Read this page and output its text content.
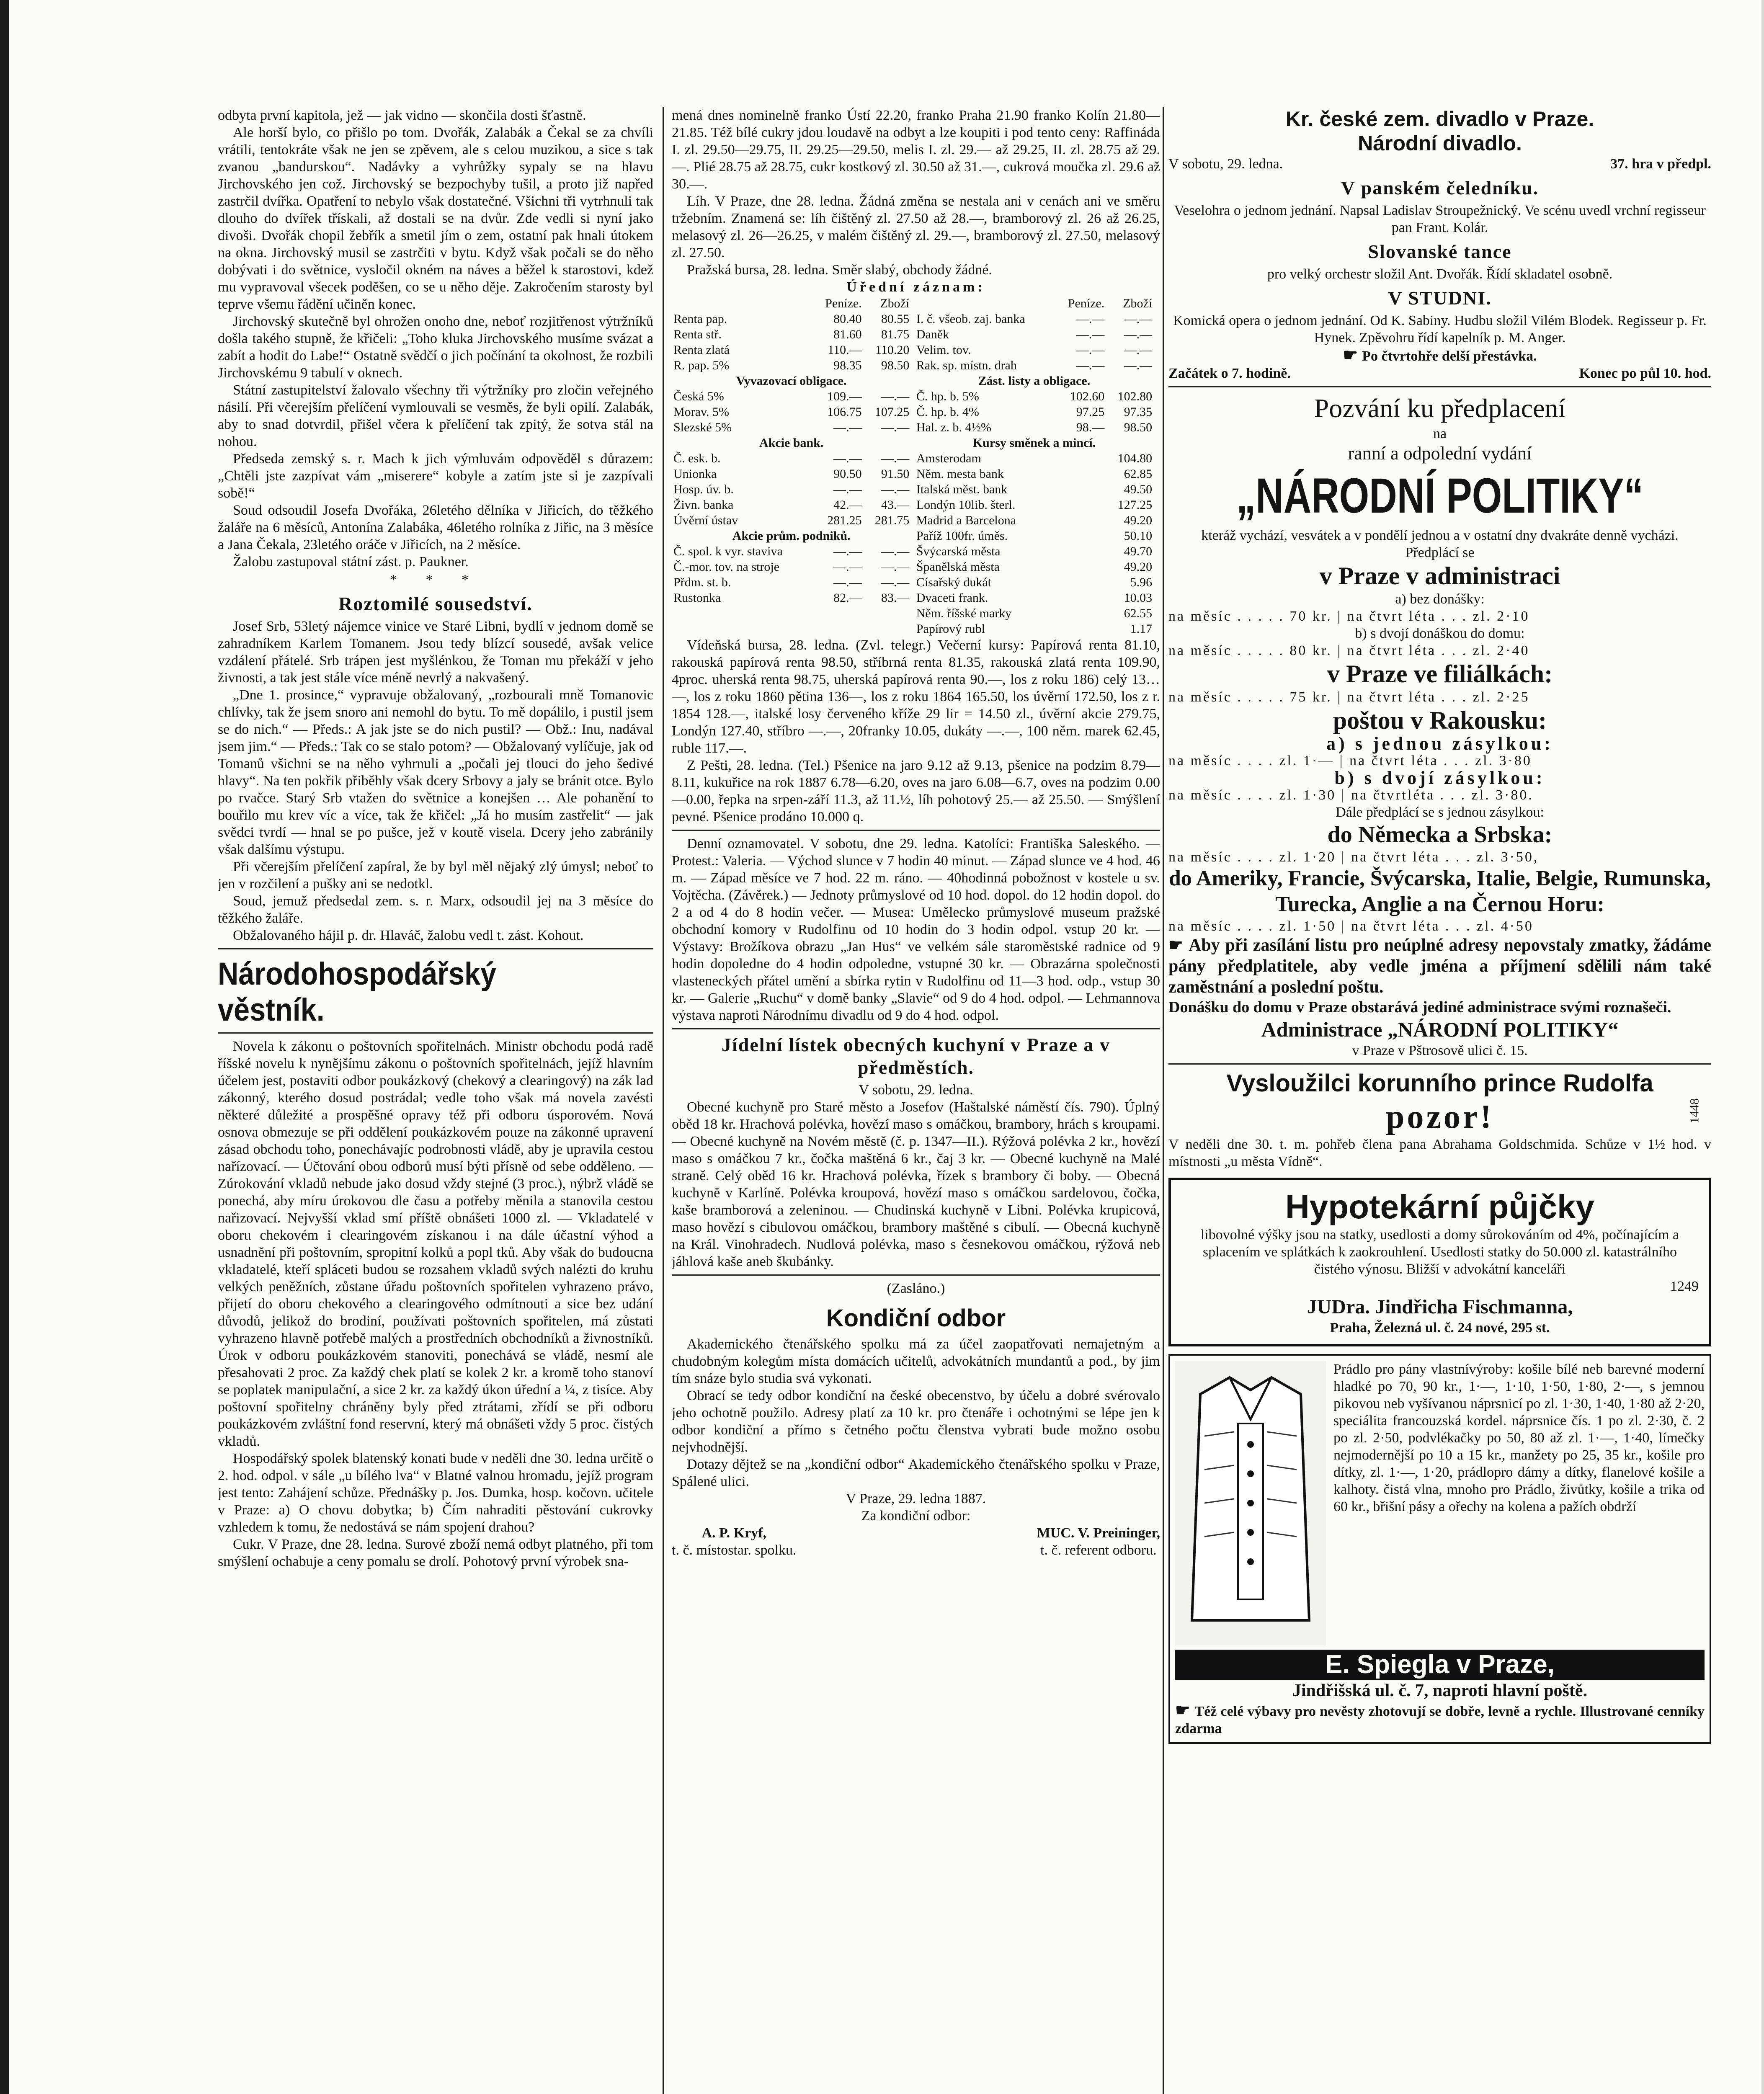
odbyta první kapitola, jež — jak vidno — skončila dosti šťastně.

Ale horší bylo, co přišlo po tom. Dvořák, Zalabák a Čekal se za chvíli vrátili, tentokráte však ne jen se zpěvem, ale s celou muzikou, a sice s tak zvanou „bandurskou“. Nadávky a vyhrůžky sypaly se na hlavu Jirchovského jen což. Jirchovský se bezpochyby tušil, a proto již napřed zastrčil dvířka. Opatření to nebylo však dostatečné. Všichni tři vytrhnuli tak dlouho do dvířek třískali, až dostali se na dvůr. Zde vedli si nyní jako divoši. Dvořák chopil žebřík a smetil jím o zem, ostatní pak hnali útokem na okna. Jirchovský musil se zastrčiti v bytu. Když však počali se do něho dobývati i do světnice, vysločil okném na náves a běžel k starostovi, kdež mu vypravoval všecek poděšen, co se u něho děje. Zakročením starosty byl teprve všemu řádění učiněn konec.

Jirchovský skutečně byl ohrožen onoho dne, neboť rozjitřenost výtržníků došla takého stupně, že křičeli: „Toho kluka Jirchovského musíme svázat a zabít a hodit do Labe!“ Ostatně svědčí o jich počínání ta okolnost, že rozbili Jirchovskému 9 tabulí v oknech.

Státní zastupitelství žalovalo všechny tři výtržníky pro zločin veřejného násilí. Při včerejším přelíčení vymlouvali se vesměs, že byli opilí. Zalabák, aby to snad dotvrdil, přišel včera k přelíčení tak zpitý, že sotva stál na nohou.

Předseda zemský s. r. Mach k jich výmluvám odpověděl s důrazem: „Chtěli jste zazpívat vám „miserere“ kobyle a zatím jste si je zazpívali sobě!“

Soud odsoudil Josefa Dvořáka, 26letého dělníka v Jiřicích, do těžkého žaláře na 6 měsíců, Antonína Zalabáka, 46letého rolníka z Jiřic, na 3 měsíce a Jana Čekala, 23letého oráče v Jiřicích, na 2 měsíce.

Žalobu zastupoval státní zást. p. Paukner.

* * *
Roztomilé sousedství.

Josef Srb, 53letý nájemce vinice ve Staré Libni, bydlí v jednom domě se zahradníkem Karlem Tomanem. Jsou tedy blízcí sousedé, avšak velice vzdálení přátelé. Srb trápen jest myšlénkou, že Toman mu překáží v jeho živnosti, a tak jest stále více méně nevrlý a nakvašený.

„Dne 1. prosince,“ vypravuje obžalovaný, „rozbourali mně Tomanovic chlívky, tak že jsem snoro ani nemohl do bytu. To mě dopálilo, i pustil jsem se do nich.“ — Předs.: A jak jste se do nich pustil? — Obž.: Inu, nadával jsem jim.“ — Předs.: Tak co se stalo potom? — Obžalovaný vylíčuje, jak od Tomanů všichni se na něho vyhrnuli a „počali jej tlouci do jeho šedivé hlavy“. Na ten pokřik přiběhly však dcery Srbovy a jaly se bránit otce. Bylo po rvačce. Starý Srb vtažen do světnice a konejšen … Ale pohanění to bouřilo mu krev víc a více, tak že křičel: „Já ho musím zastřelit“ — jak svědci tvrdí — hnal se po pušce, jež v koutě visela. Dcery jeho zabránily však dalšímu výstupu.

Při včerejším přelíčení zapíral, že by byl měl nějaký zlý úmysl; neboť to jen v rozčilení a pušky ani se nedotkl.

Soud, jemuž předsedal zem. s. r. Marx, odsoudil jej na 3 měsíce do těžkého žaláře.

Obžalovaného hájil p. dr. Hlaváč, žalobu vedl t. zást. Kohout.

Národohospodářský věstník.

Novela k zákonu o poštovních spořitelnách. Ministr obchodu podá radě říšské novelu k nynějšímu zákonu o poštovních spořitelnách, jejíž hlavním účelem jest, postaviti odbor poukázkový (chekový a clearingový) na zák lad zákonný, kterého dosud postrádal; vedle toho však má novela zavésti některé důležité a prospěšné opravy též při odboru úsporovém. Nová osnova obmezuje se při oddělení poukázkovém pouze na zákonné upravení zásad obchodu toho, ponechávajíc podrobnosti vládě, aby je upravila cestou nařízovací. — Účtování obou odborů musí býti přísně od sebe odděleno. — Zúrokování vkladů nebude jako dosud vždy stejné (3 proc.), nýbrž vládě se ponechá, aby míru úrokovou dle času a potřeby měnila a stanovila cestou nařizovací. Nejvyšší vklad smí příště obnášeti 1000 zl. — Vkladatelé v oboru chekovém i clearingovém získanou i na dále účastní výhod a usnadnění při poštovním, spropitní kolků a popl tků. Aby však do budoucna vkladatelé, kteří spláceti budou se rozsahem vkladů svých nalézti do kruhu velkých peněžních, zůstane úřadu poštovních spořitelen vyhrazeno právo, přijetí do oboru chekového a clearingového odmítnouti a sice bez udání důvodů, jelikož do brodiní, používati poštovních spořitelen, má zůstati vyhrazeno hlavně potřebě malých a prostředních obchodníků a živnostníků. Úrok v odboru poukázkovém stanoviti, ponechává se vládě, nesmí ale přesahovati 2 proc. Za každý chek platí se kolek 2 kr. a kromě toho stanoví se poplatek manipulační, a sice 2 kr. za každý úkon úřední a ¼, z tisíce. Aby poštovní spořitelny chráněny byly před ztrátami, zřídí se při odboru poukázkovém zvláštní fond reservní, který má obnášeti vždy 5 proc. čistých vkladů.

Hospodářský spolek blatenský konati bude v neděli dne 30. ledna určitě o 2. hod. odpol. v sále „u bílého lva“ v Blatné valnou hromadu, jejíž program jest tento: Zahájení schůze. Přednášky p. Jos. Dumka, hosp. kočovn. učitele v Praze: a) O chovu dobytka; b) Čím nahraditi pěstování cukrovky vzhledem k tomu, že nedostává se nám spojení drahou?

Cukr. V Praze, dne 28. ledna. Surové zboží nemá odbyt platného, při tom smýšlení ochabuje a ceny pomalu se drolí. Pohotový první výrobek sna-

mená dnes nominelně franko Ústí 22.20, franko Praha 21.90 franko Kolín 21.80—21.85. Též bílé cukry jdou loudavě na odbyt a lze koupiti i pod tento ceny: Raffináda I. zl. 29.50—29.75, II. 29.25—29.50, melis I. zl. 29.— až 29.25, II. zl. 28.75 až 29.—. Plié 28.75 až 28.75, cukr kostkový zl. 30.50 až 31.—, cukrová moučka zl. 29.6 až 30.—.

Líh. V Praze, dne 28. ledna. Žádná změna se nestala ani v cenách ani ve směru tržebním. Znamená se: líh čištěný zl. 27.50 až 28.—, bramborový zl. 26 až 26.25, melasový zl. 26—26.25, v malém čištěný zl. 29.—, bramborový zl. 27.50, melasový zl. 27.50.

Pražská bursa, 28. ledna. Směr slabý, obchody žádné.

Úřední záznam:
	Peníze.	Zboží
Renta pap.	80.40	80.55
Renta stř.	81.60	81.75
Renta zlatá	110.—	110.20
R. pap. 5%	98.35	98.50
Vyvazovací obligace.		
Česká 5%	109.—	—.—
Morav. 5%	106.75	107.25
Slezské 5%	—.—	—.—
Akcie bank.		
Č. esk. b.	—.—	—.—
Unionka	90.50	91.50
Hosp. úv. b.	—.—	—.—
Živn. banka	42.—	43.—
Úvěrní ústav	281.25	281.75
Akcie prům. podniků.		
Č. spol. k vyr. staviva	—.—	—.—
Č.-mor. tov. na stroje	—.—	—.—
Přdm. st. b.	—.—	—.—
Rustonka	82.—	83.—

	Peníze.	Zboží
I. č. všeob. zaj. banka	—.—	—.—
Daněk	—.—	—.—
Velim. tov.	—.—	—.—
Rak. sp. místn. drah	—.—	—.—
Zást. listy a obligace.		
Č. hp. b. 5%	102.60	102.80
Č. hp. b. 4%	97.25	97.35
Hal. z. b. 4½%	98.—	98.50
Kursy směnek a mincí.		
Amsterodam		104.80
Něm. mesta bank		62.85
Italská měst. bank		49.50
Londýn 10lib. šterl.		127.25
Madrid a Barcelona		49.20
Paříž 100fr. úměs.		50.10
Švýcarská města		49.70
Španělská města		49.20
Císařský dukát		5.96
Dvaceti frank.		10.03
Něm. říšské marky		62.55
Papírový rubl		1.17

Vídeňská bursa, 28. ledna. (Zvl. telegr.) Večerní kursy: Papírová renta 81.10, rakouská papírová renta 98.50, stříbrná renta 81.35, rakouská zlatá renta 109.90, 4proc. uherská renta 98.75, uherská papírová renta 90.—, los z roku 186) celý 13…—, los z roku 1860 pětina 136—, los z roku 1864 165.50, los úvěrní 172.50, los z r. 1854 128.—, italské losy červeného kříže 29 lir = 14.50 zl., úvěrní akcie 279.75, Londýn 127.40, stříbro —.—, 20franky 10.05, dukáty —.—, 100 něm. marek 62.45, ruble 117.—.

Z Pešti, 28. ledna. (Tel.) Pšenice na jaro 9.12 až 9.13, pšenice na podzim 8.79—8.11, kukuřice na rok 1887 6.78—6.20, oves na jaro 6.08—6.7, oves na podzim 0.00—0.00, řepka na srpen-září 11.3, až 11.½, líh pohotový 25.— až 25.50. — Smýšlení pevné. Pšenice prodáno 10.000 q.

Denní oznamovatel. V sobotu, dne 29. ledna. Katolíci: Františka Saleského. — Protest.: Valeria. — Východ slunce v 7 hodin 40 minut. — Západ slunce ve 4 hod. 46 m. — Západ měsíce ve 7 hod. 22 m. ráno. — 40hodinná pobožnost v kostele u sv. Vojtěcha. (Závěrek.) — Jednoty průmyslové od 10 hod. dopol. do 12 hodin dopol. do 2 a od 4 do 8 hodin večer. — Musea: Umělecko průmyslové museum pražské obchodní komory v Rudolfinu od 10 hodin do 3 hodin odpol. vstup 20 kr. — Výstavy: Brožíkova obrazu „Jan Hus“ ve velkém sále staroměstské radnice od 9 hodin dopoledne do 4 hodin odpoledne, vstupné 30 kr. — Obrazárna společnosti vlasteneckých přátel umění a sbírka rytin v Rudolfinu od 11—3 hod. odp., vstup 30 kr. — Galerie „Ruchu“ v domě banky „Slavie“ od 9 do 4 hod. odpol. — Lehmannova výstava naproti Národnímu divadlu od 9 do 4 hod. odpol.

Jídelní lístek obecných kuchyní v Praze a v předměstích.
V sobotu, 29. ledna.

Obecné kuchyně pro Staré město a Josefov (Haštalské náměstí čís. 790). Úplný oběd 18 kr. Hrachová polévka, hovězí maso s omáčkou, brambory, hrách s kroupami. — Obecné kuchyně na Novém městě (č. p. 1347—II.). Rýžová polévka 2 kr., hovězí maso s omáčkou 7 kr., čočka maštěná 6 kr., čaj 3 kr. — Obecné kuchyně na Malé straně. Celý oběd 16 kr. Hrachová polévka, řízek s brambory či boby. — Obecná kuchyně v Karlíně. Polévka kroupová, hovězí maso s omáčkou sardelovou, čočka, kaše bramborová a zeleninou. — Chudinská kuchyně v Libni. Polévka krupicová, maso hovězí s cibulovou omáčkou, brambory maštěné s cibulí. — Obecná kuchyně na Král. Vinohradech. Nudlová polévka, maso s česnekovou omáčkou, rýžová neb jáhlová kaše aneb škubánky.

(Zasláno.)
Kondiční odbor

Akademického čtenářského spolku má za účel zaopatřovati nemajetným a chudobným kolegům místa domácích učitelů, advokátních mundantů a pod., by jim tím snáze bylo studia svá vykonati.

Obrací se tedy odbor kondiční na české obecenstvo, by účelu a dobré svérovalo jeho ochotně použilo. Adresy platí za 10 kr. pro čtenáře i ochotnými se lépe jen k odbor kondiční a přímo s četného počtu členstva vybrati bude možno osobu nejvhodnější.

Dotazy dějtež se na „kondiční odbor“ Akademického čtenářského spolku v Praze, Spálené ulici.

V Praze, 29. ledna 1887.
Za kondiční odbor:
A. P. Kryf,
t. č. místostar. spolku.
MUC. V. Preininger,
t. č. referent odboru.
Kr. české zem. divadlo v Praze.
Národní divadlo.
V sobotu, 29. ledna.	37. hra v předpl.
V panském čeledníku.

Veselohra o jednom jednání. Napsal Ladislav Stroupežnický. Ve scénu uvedl vrchní regisseur pan Frant. Kolár.

Slovanské tance

pro velký orchestr složil Ant. Dvořák. Řídí skladatel osobně.

V STUDNI.

Komická opera o jednom jednání. Od K. Sabiny. Hudbu složil Vilém Blodek. Regisseur p. Fr. Hynek. Zpěvohru řídí kapelník p. M. Anger.

☛ Po čtvrtohře delší přestávka.
Začátek o 7. hodině.	Konec po půl 10. hod.
Pozvání ku předplacení
na
ranní a odpolední vydání
„NÁRODNÍ POLITIKY“

kteráž vychází, vesvátek a v pondělí jednou a v ostatní dny dvakráte denně vycházi.

Předplácí se
v Praze v administraci
a) bez donášky:
na měsíc . . . . . 70 kr. | na čtvrt léta . . . zl. 2·10
b) s dvojí donáškou do domu:
na měsíc . . . . . 80 kr. | na čtvrt léta . . . zl. 2·40
v Praze ve filiálkách:
na měsíc . . . . . 75 kr. | na čtvrt léta . . . zl. 2·25
poštou v Rakousku:
a) s jednou zásylkou:
na měsíc . . . . zl. 1·— | na čtvrt léta . . . zl. 3·80
b) s dvojí zásylkou:
na měsíc . . . . zl. 1·30 | na čtvrtléta . . . zl. 3·80.
Dále předplácí se s jednou zásylkou:
do Německa a Srbska:
na měsíc . . . . zl. 1·20 | na čtvrt léta . . . zl. 3·50,
do Ameriky, Francie, Švýcarska, Italie, Belgie, Rumunska, Turecka, Anglie a na Černou Horu:
na měsíc . . . . zl. 1·50 | na čtvrt léta . . . zl. 4·50

☛ Aby při zasílání listu pro neúplné adresy nepovstaly zmatky, žádáme pány předplatitele, aby vedle jména a příjmení sdělili nám také zaměstnání a poslední poštu.

Donášku do domu v Praze obstarává jediné administrace svými roznašeči.

Administrace „NÁRODNÍ POLITIKY“
v Praze v Pštrosově ulici č. 15.
Vysloužilci korunního prince Rudolfa
pozor!	1448

V neděli dne 30. t. m. pohřeb člena pana Abrahama Goldschmida. Schůze v 1½ hod. v místnosti „u města Vídně“.

Hypotekární půjčky

libovolné výšky jsou na statky, usedlosti a domy sůrokováním od 4%, počínajícím a splacením ve splátkách k zaokrouhlení. Usedlosti statky do 50.000 zl. katastrálního čistého výnosu. Bližší v advokátní kanceláři

1249
JUDra. Jindřicha Fischmanna,
Praha, Železná ul. č. 24 nové, 295 st.

Prádlo pro pány vlastnívýroby: košile bílé neb barevné moderní hladké po 70, 90 kr., 1·—, 1·10, 1·50, 1·80, 2·—, s jemnou pikovou neb vyšívanou náprsnicí po zl. 1·30, 1·40, 1·80 až 2·20, speciálita francouzská kordel. náprsnice čís. 1 po zl. 2·30, č. 2 po zl. 2·50, podvlékačky po 50, 80 až zl. 1·—, 1·40, límečky nejmodernější po 10 a 15 kr., manžety po 25, 35 kr., košile pro dítky, zl. 1·—, 1·20, prádlopro dámy a dítky, flanelové košile a kalhoty. čistá vlna, mnoho pro Prádlo, živůtky, košile a trika od 60 kr., břišní pásy a ořechy na kolena a pažích obdrží

E. Spiegla v Praze,
Jindřišská ul. č. 7, naproti hlavní poště.

☛ Též celé výbavy pro nevěsty zhotovují se dobře, levně a rychle. Illustrované cenníky zdarma
